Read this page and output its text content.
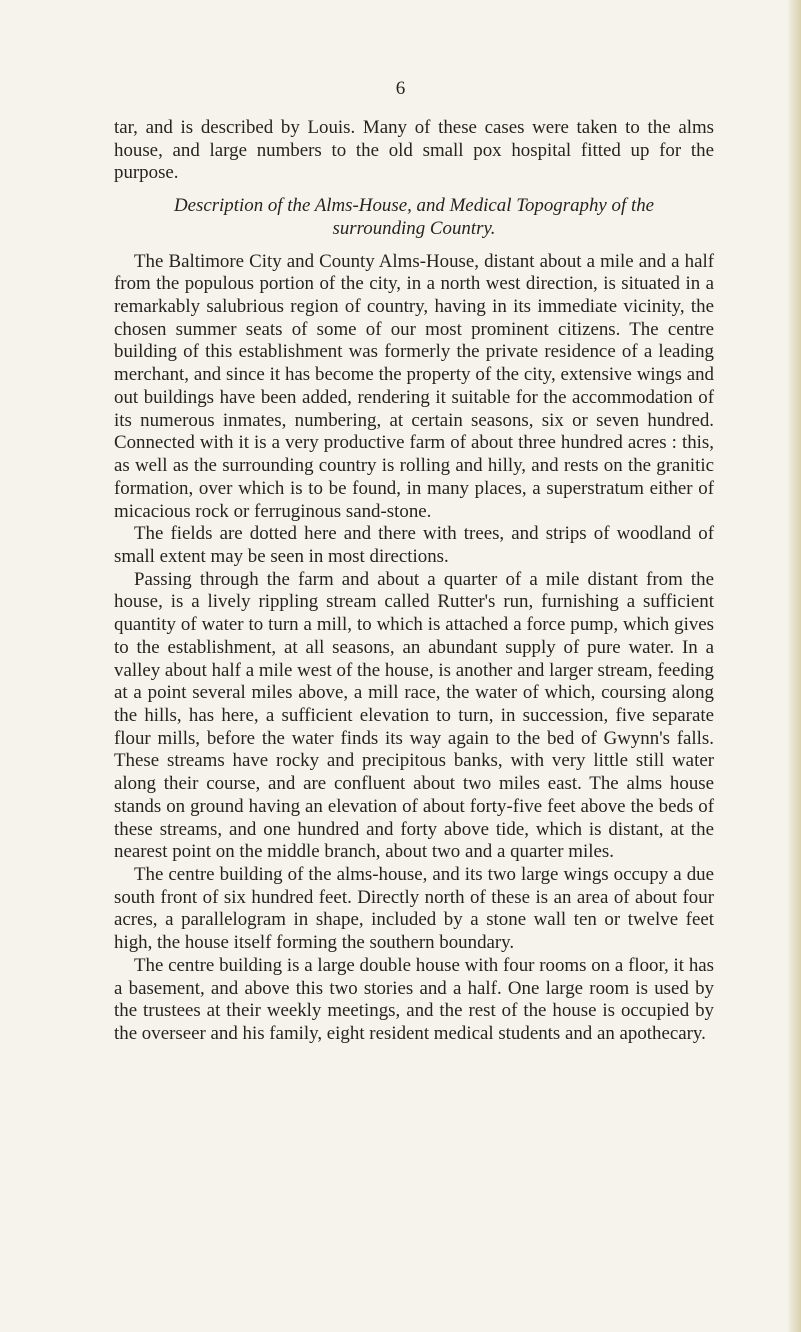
6

tar, and is described by Louis. Many of these cases were taken to the alms house, and large numbers to the old small pox hospital fitted up for the purpose.

Description of the Alms-House, and Medical Topography of the
surrounding Country.

The Baltimore City and County Alms-House, distant about a mile and a half from the populous portion of the city, in a north west direction, is situated in a remarkably salubrious region of country, having in its immediate vicinity, the chosen summer seats of some of our most prominent citizens. The centre building of this establishment was formerly the private residence of a leading merchant, and since it has become the property of the city, extensive wings and out buildings have been added, rendering it suitable for the accommodation of its numerous inmates, numbering, at certain seasons, six or seven hundred. Connected with it is a very productive farm of about three hundred acres : this, as well as the surrounding country is rolling and hilly, and rests on the granitic formation, over which is to be found, in many places, a superstratum either of micacious rock or ferruginous sand-stone.

The fields are dotted here and there with trees, and strips of woodland of small extent may be seen in most directions.

Passing through the farm and about a quarter of a mile distant from the house, is a lively rippling stream called Rutter's run, furnishing a sufficient quantity of water to turn a mill, to which is attached a force pump, which gives to the establishment, at all seasons, an abundant supply of pure water. In a valley about half a mile west of the house, is another and larger stream, feeding at a point several miles above, a mill race, the water of which, coursing along the hills, has here, a sufficient elevation to turn, in succession, five separate flour mills, before the water finds its way again to the bed of Gwynn's falls. These streams have rocky and precipitous banks, with very little still water along their course, and are confluent about two miles east. The alms house stands on ground having an elevation of about forty-five feet above the beds of these streams, and one hundred and forty above tide, which is distant, at the nearest point on the middle branch, about two and a quarter miles.

The centre building of the alms-house, and its two large wings occupy a due south front of six hundred feet. Directly north of these is an area of about four acres, a parallelogram in shape, included by a stone wall ten or twelve feet high, the house itself forming the southern boundary.

The centre building is a large double house with four rooms on a floor, it has a basement, and above this two stories and a half. One large room is used by the trustees at their weekly meetings, and the rest of the house is occupied by the overseer and his family, eight resident medical students and an apothecary.
